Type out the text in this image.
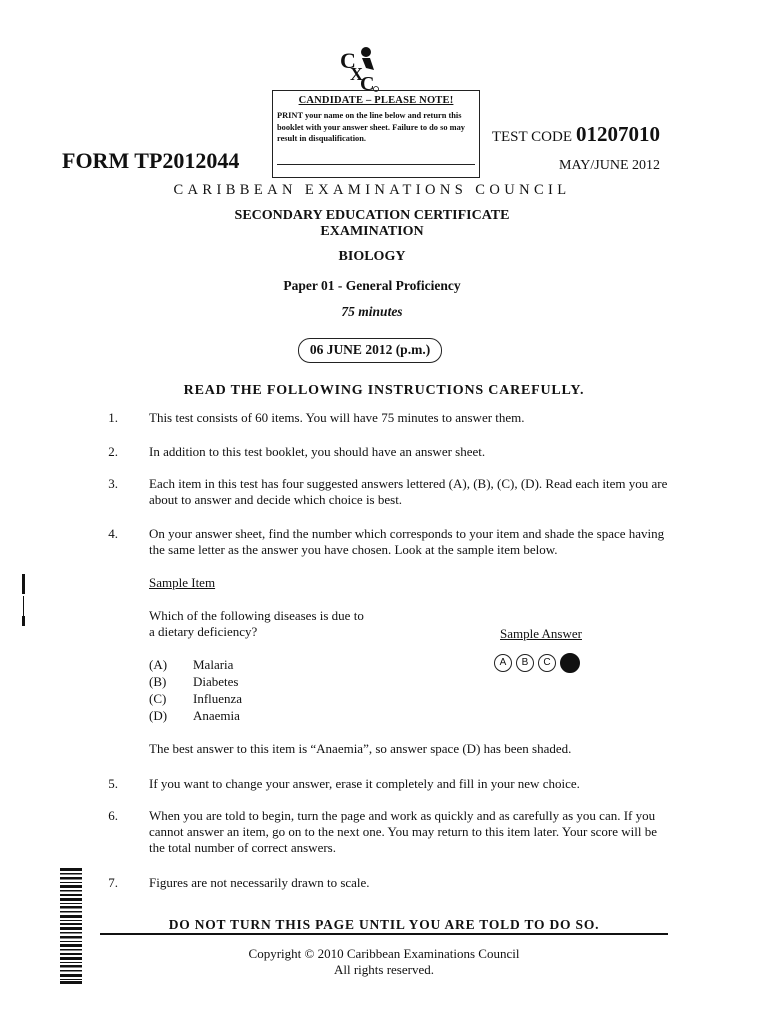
C
X
C
CANDIDATE – PLEASE NOTE!
PRINT your name on the line below and return this booklet with your answer sheet. Failure to do so may result in disqualification.
FORM TP2012044
TEST CODE 01207010
MAY/JUNE 2012
CARIBBEAN EXAMINATIONS COUNCIL
SECONDARY EDUCATION CERTIFICATE
EXAMINATION
BIOLOGY
Paper 01 - General Proficiency
75 minutes
06 JUNE 2012 (p.m.)
READ THE FOLLOWING INSTRUCTIONS CAREFULLY.
1. This test consists of 60 items. You will have 75 minutes to answer them.
2. In addition to this test booklet, you should have an answer sheet.
3. Each item in this test has four suggested answers lettered (A), (B), (C), (D). Read each item you are about to answer and decide which choice is best.
4. On your answer sheet, find the number which corresponds to your item and shade the space having the same letter as the answer you have chosen. Look at the sample item below.
Sample Item
Which of the following diseases is due to
a dietary deficiency?	Sample Answer
(A) Malaria
(B) Diabetes
(C) Influenza
(D) Anaemia
A	B	C
The best answer to this item is “Anaemia”, so answer space (D) has been shaded.
5. If you want to change your answer, erase it completely and fill in your new choice.
6. When you are told to begin, turn the page and work as quickly and as carefully as you can. If you cannot answer an item, go on to the next one. You may return to this item later. Your score will be the total number of correct answers.
7. Figures are not necessarily drawn to scale.
DO NOT TURN THIS PAGE UNTIL YOU ARE TOLD TO DO SO.
Copyright © 2010 Caribbean Examinations Council
All rights reserved.
